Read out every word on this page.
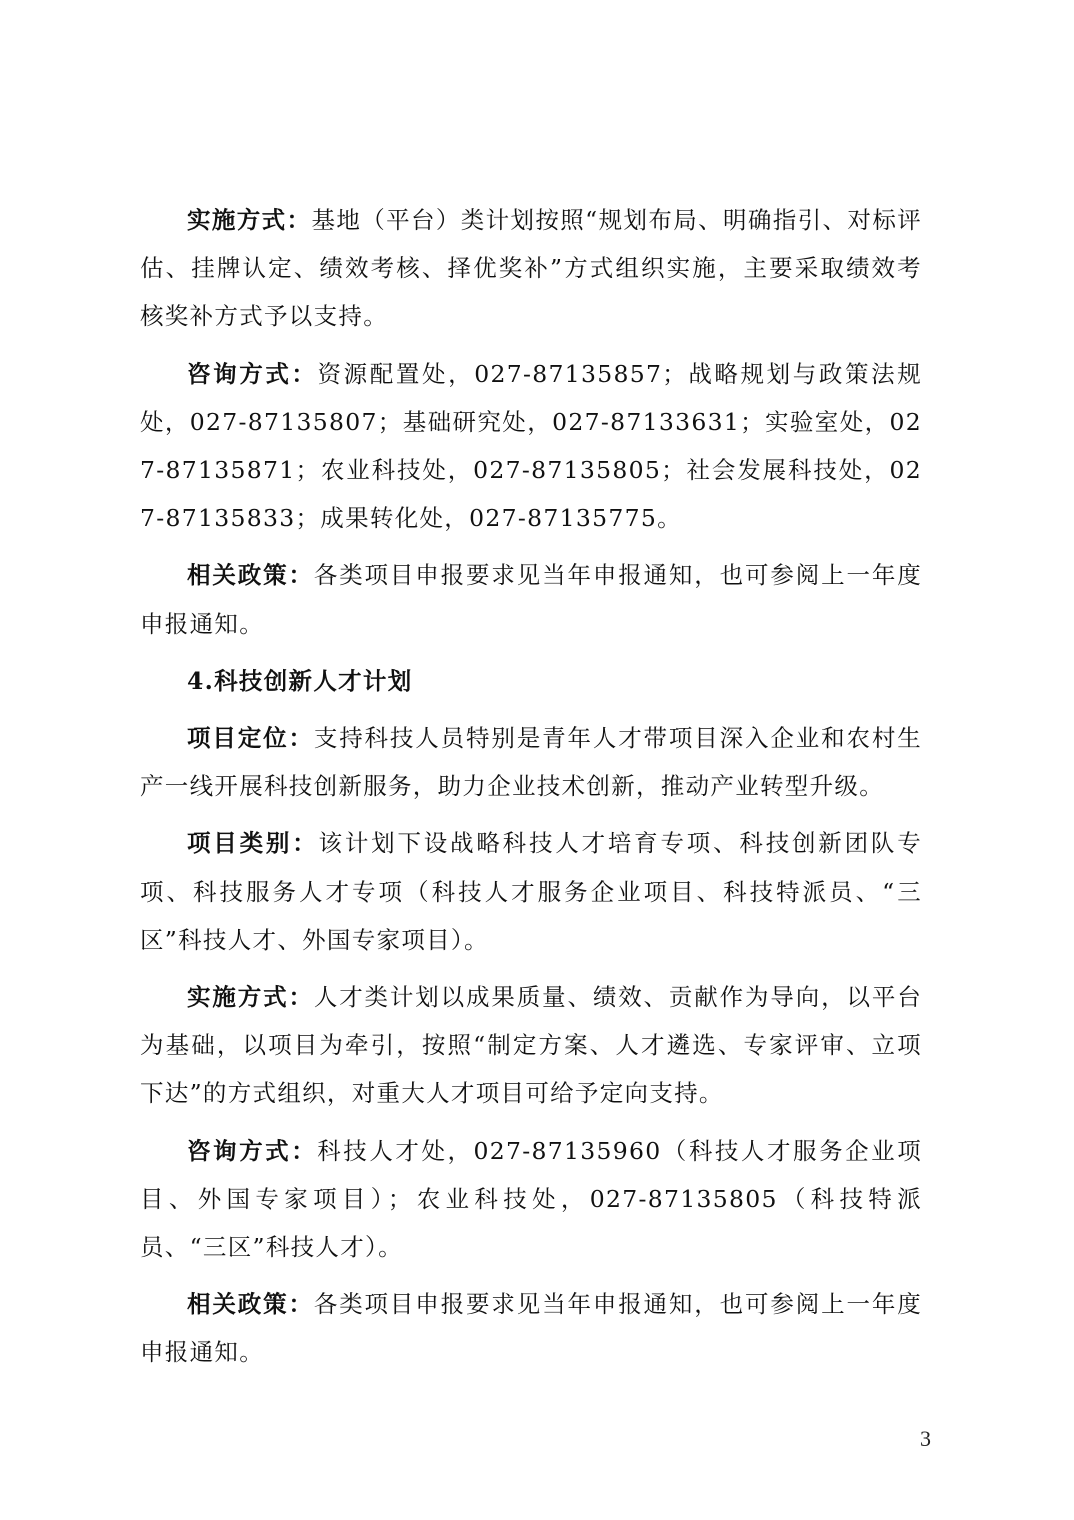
实施方式：基地（平台）类计划按照“规划布局、明确指引、对标评估、挂牌认定、绩效考核、择优奖补”方式组织实施，主要采取绩效考核奖补方式予以支持。

咨询方式：资源配置处，027-87135857；战略规划与政策法规处，027-87135807；基础研究处，027-87133631；实验室处，027-87135871；农业科技处，027-87135805；社会发展科技处，027-87135833；成果转化处，027-87135775。

相关政策：各类项目申报要求见当年申报通知，也可参阅上一年度申报通知。

4.科技创新人才计划

项目定位：支持科技人员特别是青年人才带项目深入企业和农村生产一线开展科技创新服务，助力企业技术创新，推动产业转型升级。

项目类别：该计划下设战略科技人才培育专项、科技创新团队专项、科技服务人才专项（科技人才服务企业项目、科技特派员、“三区”科技人才、外国专家项目）。

实施方式：人才类计划以成果质量、绩效、贡献作为导向，以平台为基础，以项目为牵引，按照“制定方案、人才遴选、专家评审、立项下达”的方式组织，对重大人才项目可给予定向支持。

咨询方式：科技人才处，027-87135960（科技人才服务企业项目、外国专家项目）；农业科技处，027-87135805（科技特派员、“三区”科技人才）。

相关政策：各类项目申报要求见当年申报通知，也可参阅上一年度申报通知。

3
